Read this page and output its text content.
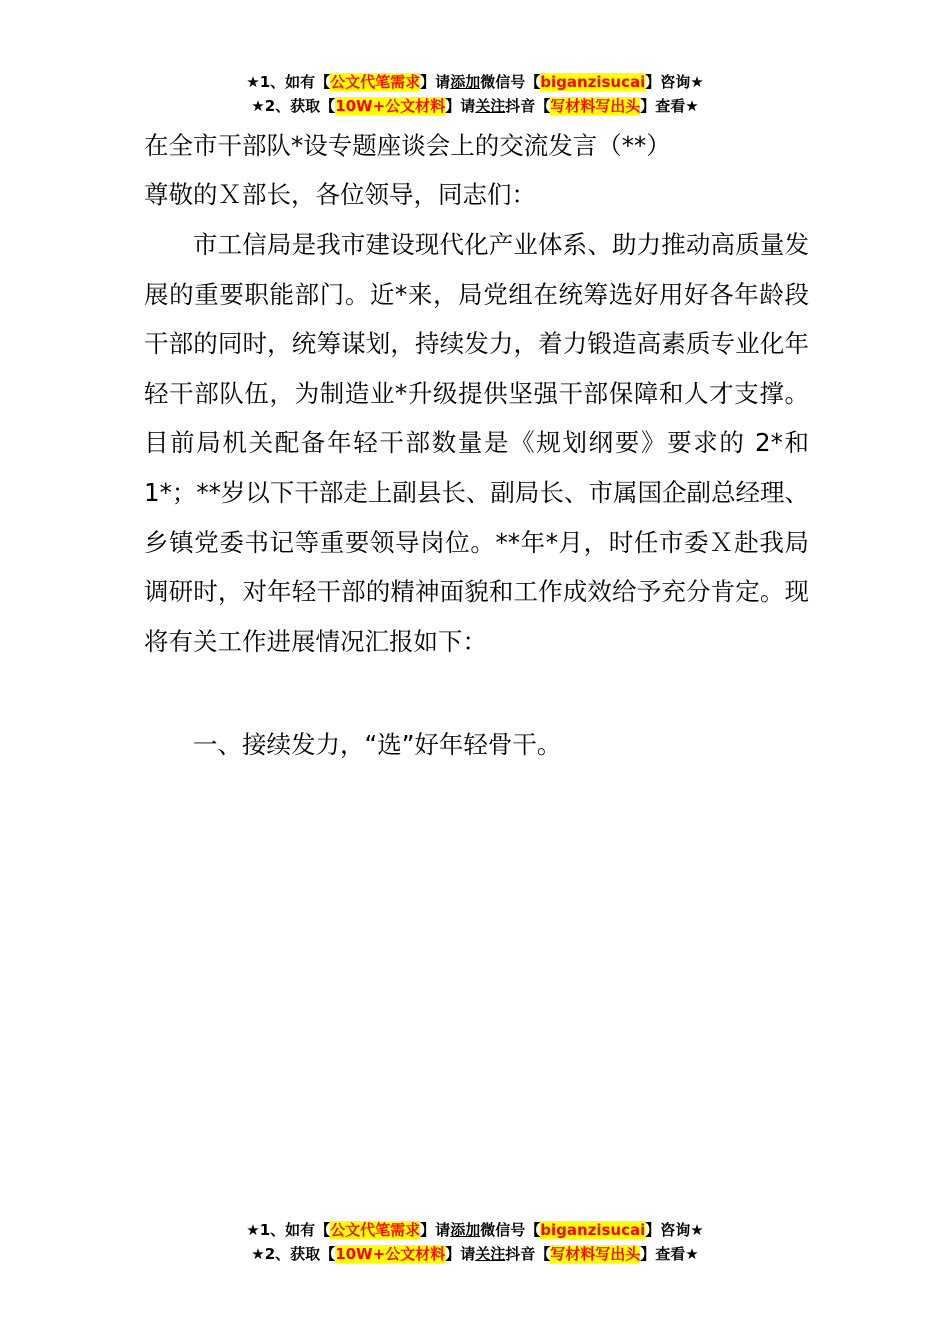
★1、如有【公文代笔需求】请添加微信号【biganzisucai】咨询★
★2、获取【10W+公文材料】请关注抖音【写材料写出头】查看★
在全市干部队*设专题座谈会上的交流发言（**）
尊敬的Ｘ部长，各位领导，同志们：

市工信局是我市建设现代化产业体系、助力推动高质量发展的重要职能部门。近*来，局党组在统筹选好用好各年龄段干部的同时，统筹谋划，持续发力，着力锻造高素质专业化年轻干部队伍，为制造业*升级提供坚强干部保障和人才支撑。目前局机关配备年轻干部数量是《规划纲要》要求的 2*和 1*；**岁以下干部走上副县长、副局长、市属国企副总经理、乡镇党委书记等重要领导岗位。**年*月，时任市委Ｘ赴我局调研时，对年轻干部的精神面貌和工作成效给予充分肯定。现将有关工作进展情况汇报如下：

一、接续发力，“选”好年轻骨干。
★1、如有【公文代笔需求】请添加微信号【biganzisucai】咨询★
★2、获取【10W+公文材料】请关注抖音【写材料写出头】查看★
